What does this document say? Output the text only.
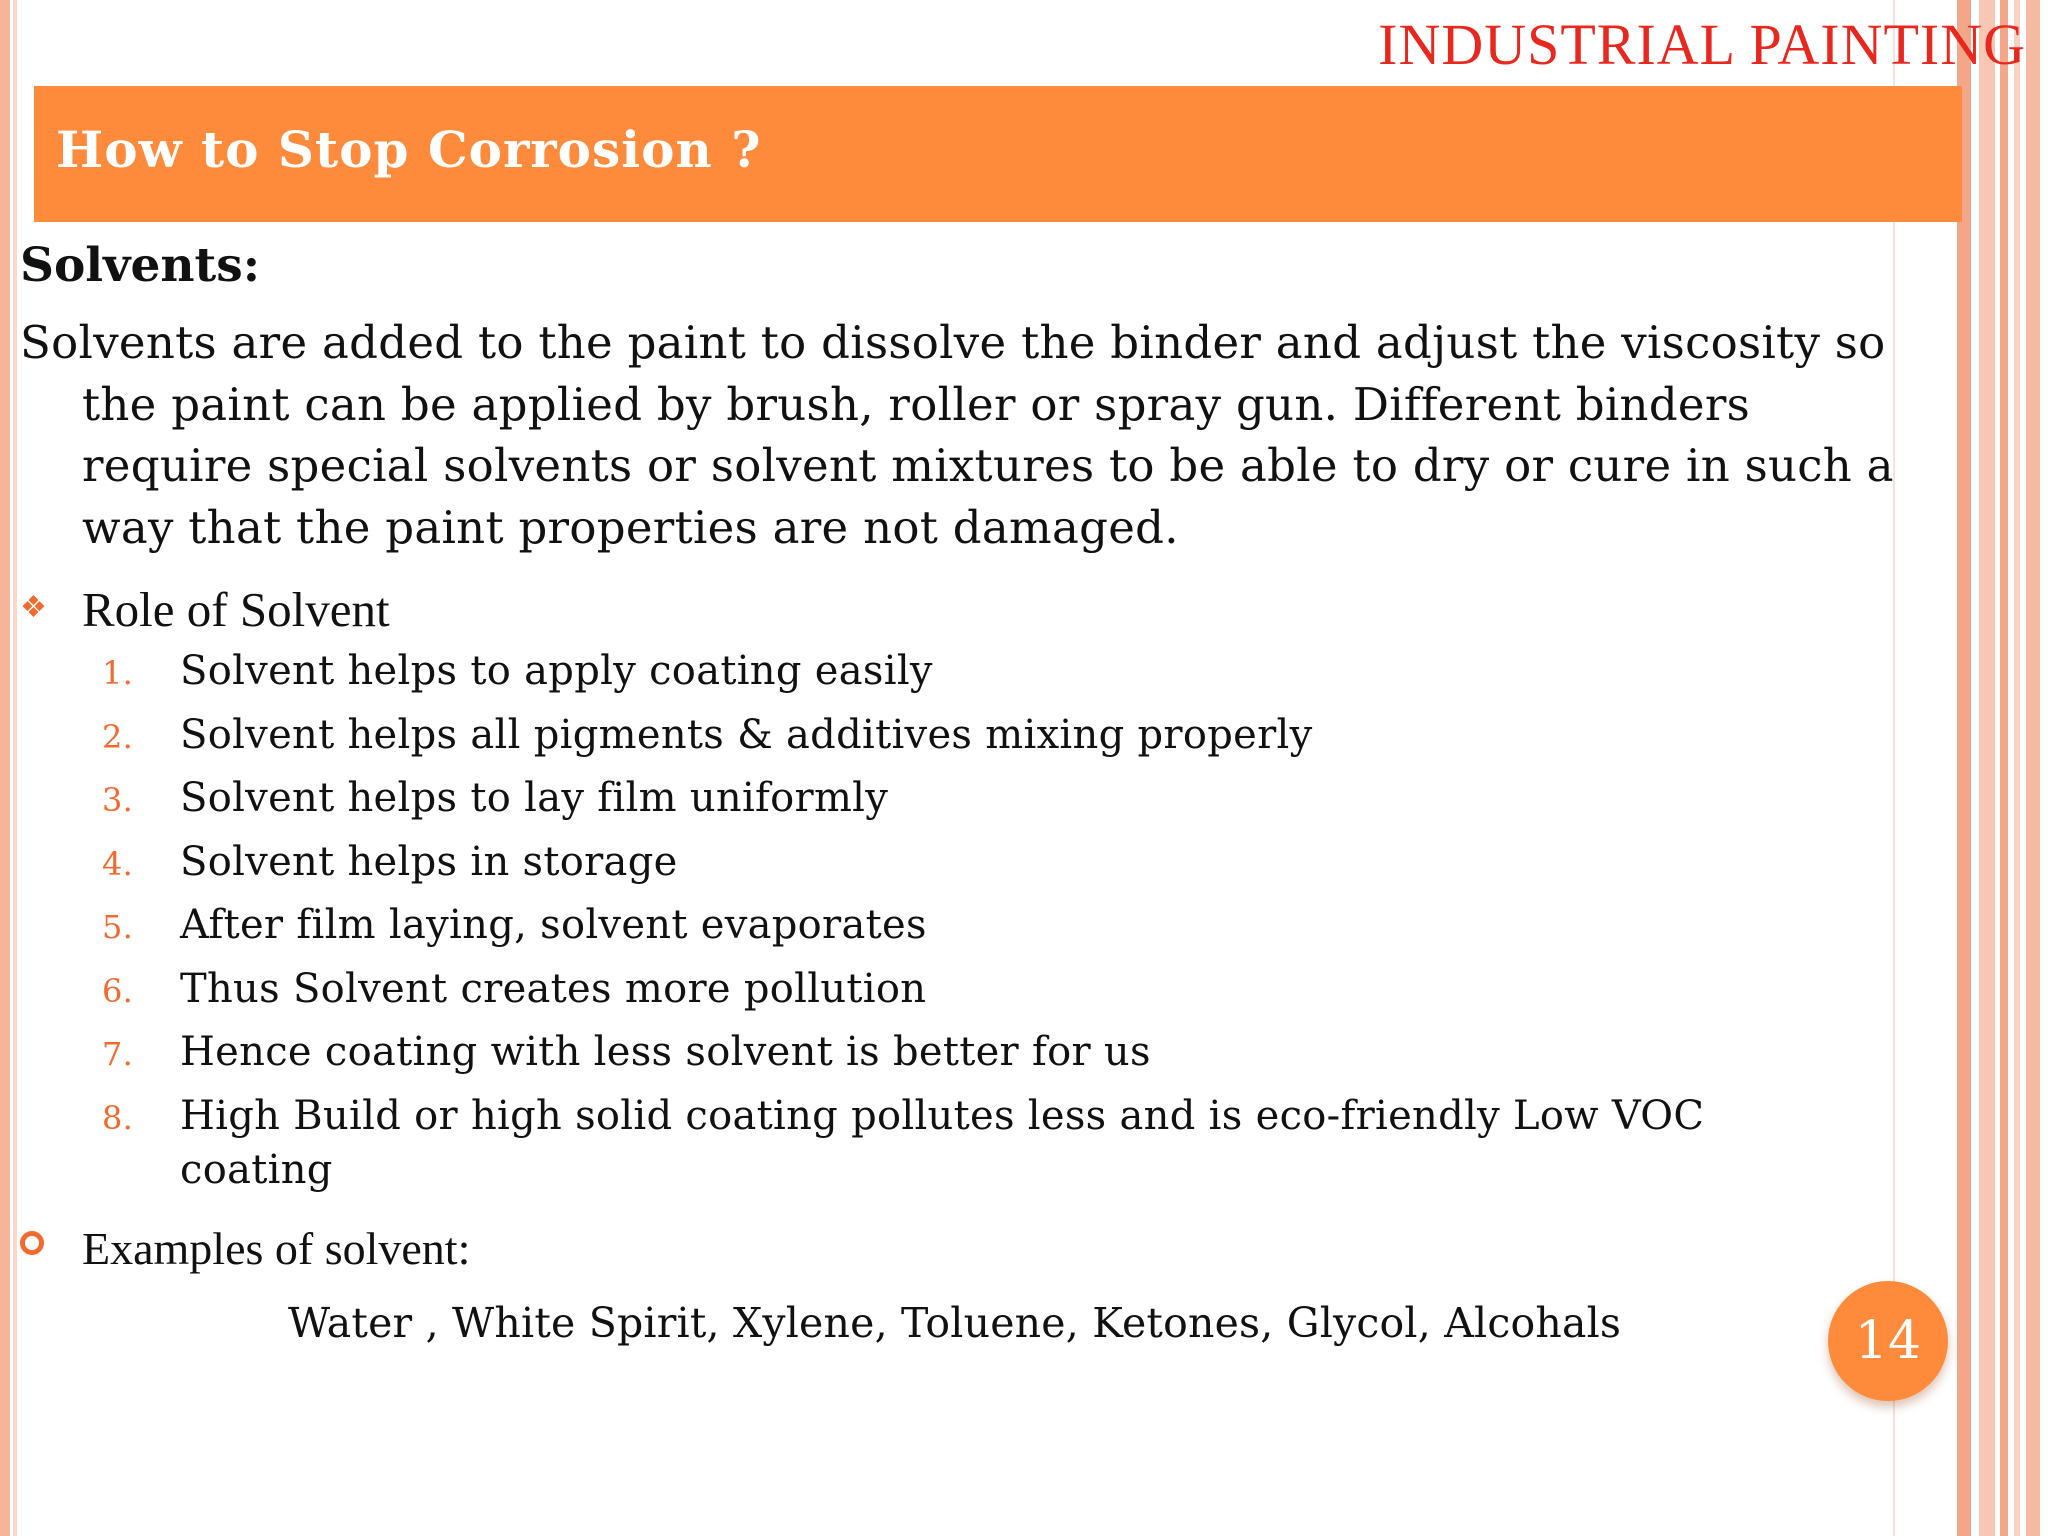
INDUSTRIAL PAINTING
How to Stop Corrosion ?
Solvents:

Solvents are added to the paint to dissolve the binder and adjust the viscosity so the paint can be applied by brush, roller or spray gun. Different binders require special solvents or solvent mixtures to be able to dry or cure in such a way that the paint properties are not damaged.

❖ Role of Solvent
1. Solvent helps to apply coating easily
2. Solvent helps all pigments & additives mixing properly
3. Solvent helps to lay film uniformly
4. Solvent helps in storage
5. After film laying, solvent evaporates
6. Thus Solvent creates more pollution
7. Hence coating with less solvent is better for us
8. High Build or high solid coating pollutes less and is eco-friendly Low VOC coating
Examples of solvent:
Water , White Spirit, Xylene, Toluene, Ketones, Glycol, Alcohals	14
